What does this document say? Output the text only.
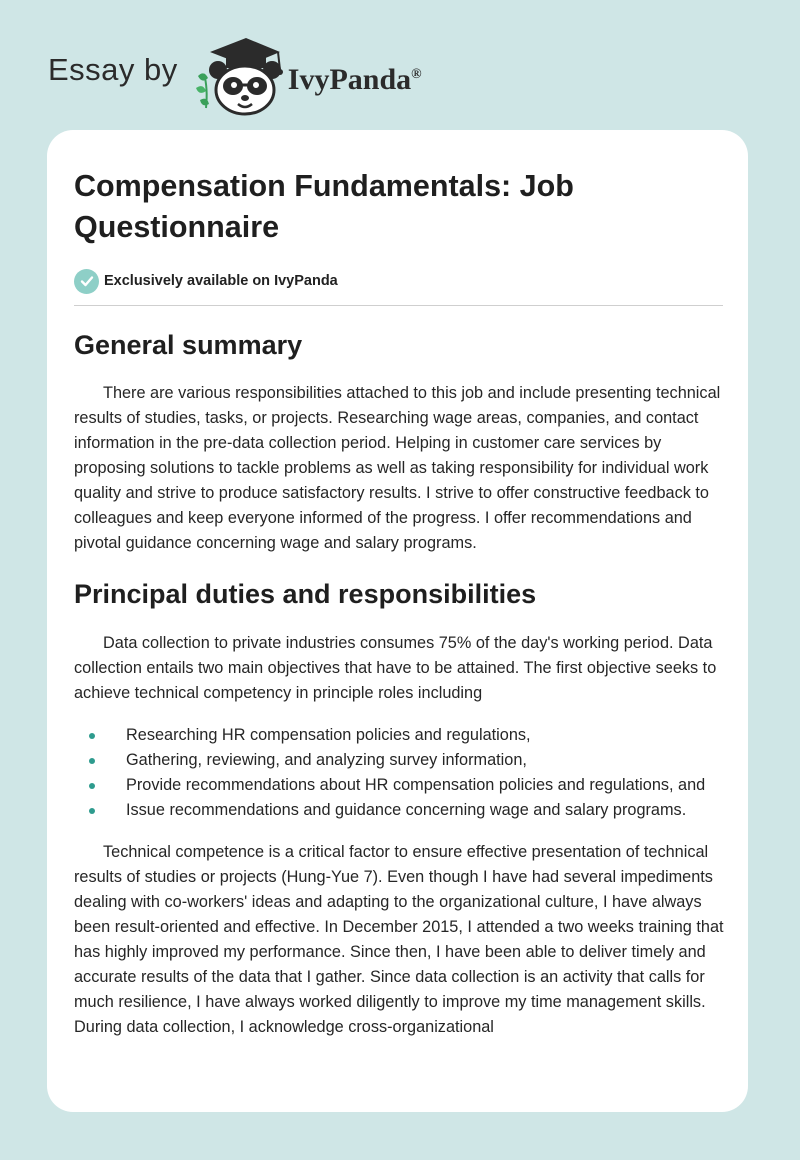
Essay by	IvyPanda®
Compensation Fundamentals: Job Questionnaire
Exclusively available on IvyPanda
General summary

There are various responsibilities attached to this job and include presenting technical results of studies, tasks, or projects. Researching wage areas, companies, and contact information in the pre-data collection period. Helping in customer care services by proposing solutions to tackle problems as well as taking responsibility for individual work quality and strive to produce satisfactory results. I strive to offer constructive feedback to colleagues and keep everyone informed of the progress. I offer recommendations and pivotal guidance concerning wage and salary programs.

Principal duties and responsibilities

Data collection to private industries consumes 75% of the day's working period. Data collection entails two main objectives that have to be attained. The first objective seeks to achieve technical competency in principle roles including

Researching HR compensation policies and regulations,
Gathering, reviewing, and analyzing survey information,
Provide recommendations about HR compensation policies and regulations, and
Issue recommendations and guidance concerning wage and salary programs.

Technical competence is a critical factor to ensure effective presentation of technical results of studies or projects (Hung-Yue 7). Even though I have had several impediments dealing with co-workers' ideas and adapting to the organizational culture, I have always been result-oriented and effective. In December 2015, I attended a two weeks training that has highly improved my performance. Since then, I have been able to deliver timely and accurate results of the data that I gather. Since data collection is an activity that calls for much resilience, I have always worked diligently to improve my time management skills. During data collection, I acknowledge cross-organizational
